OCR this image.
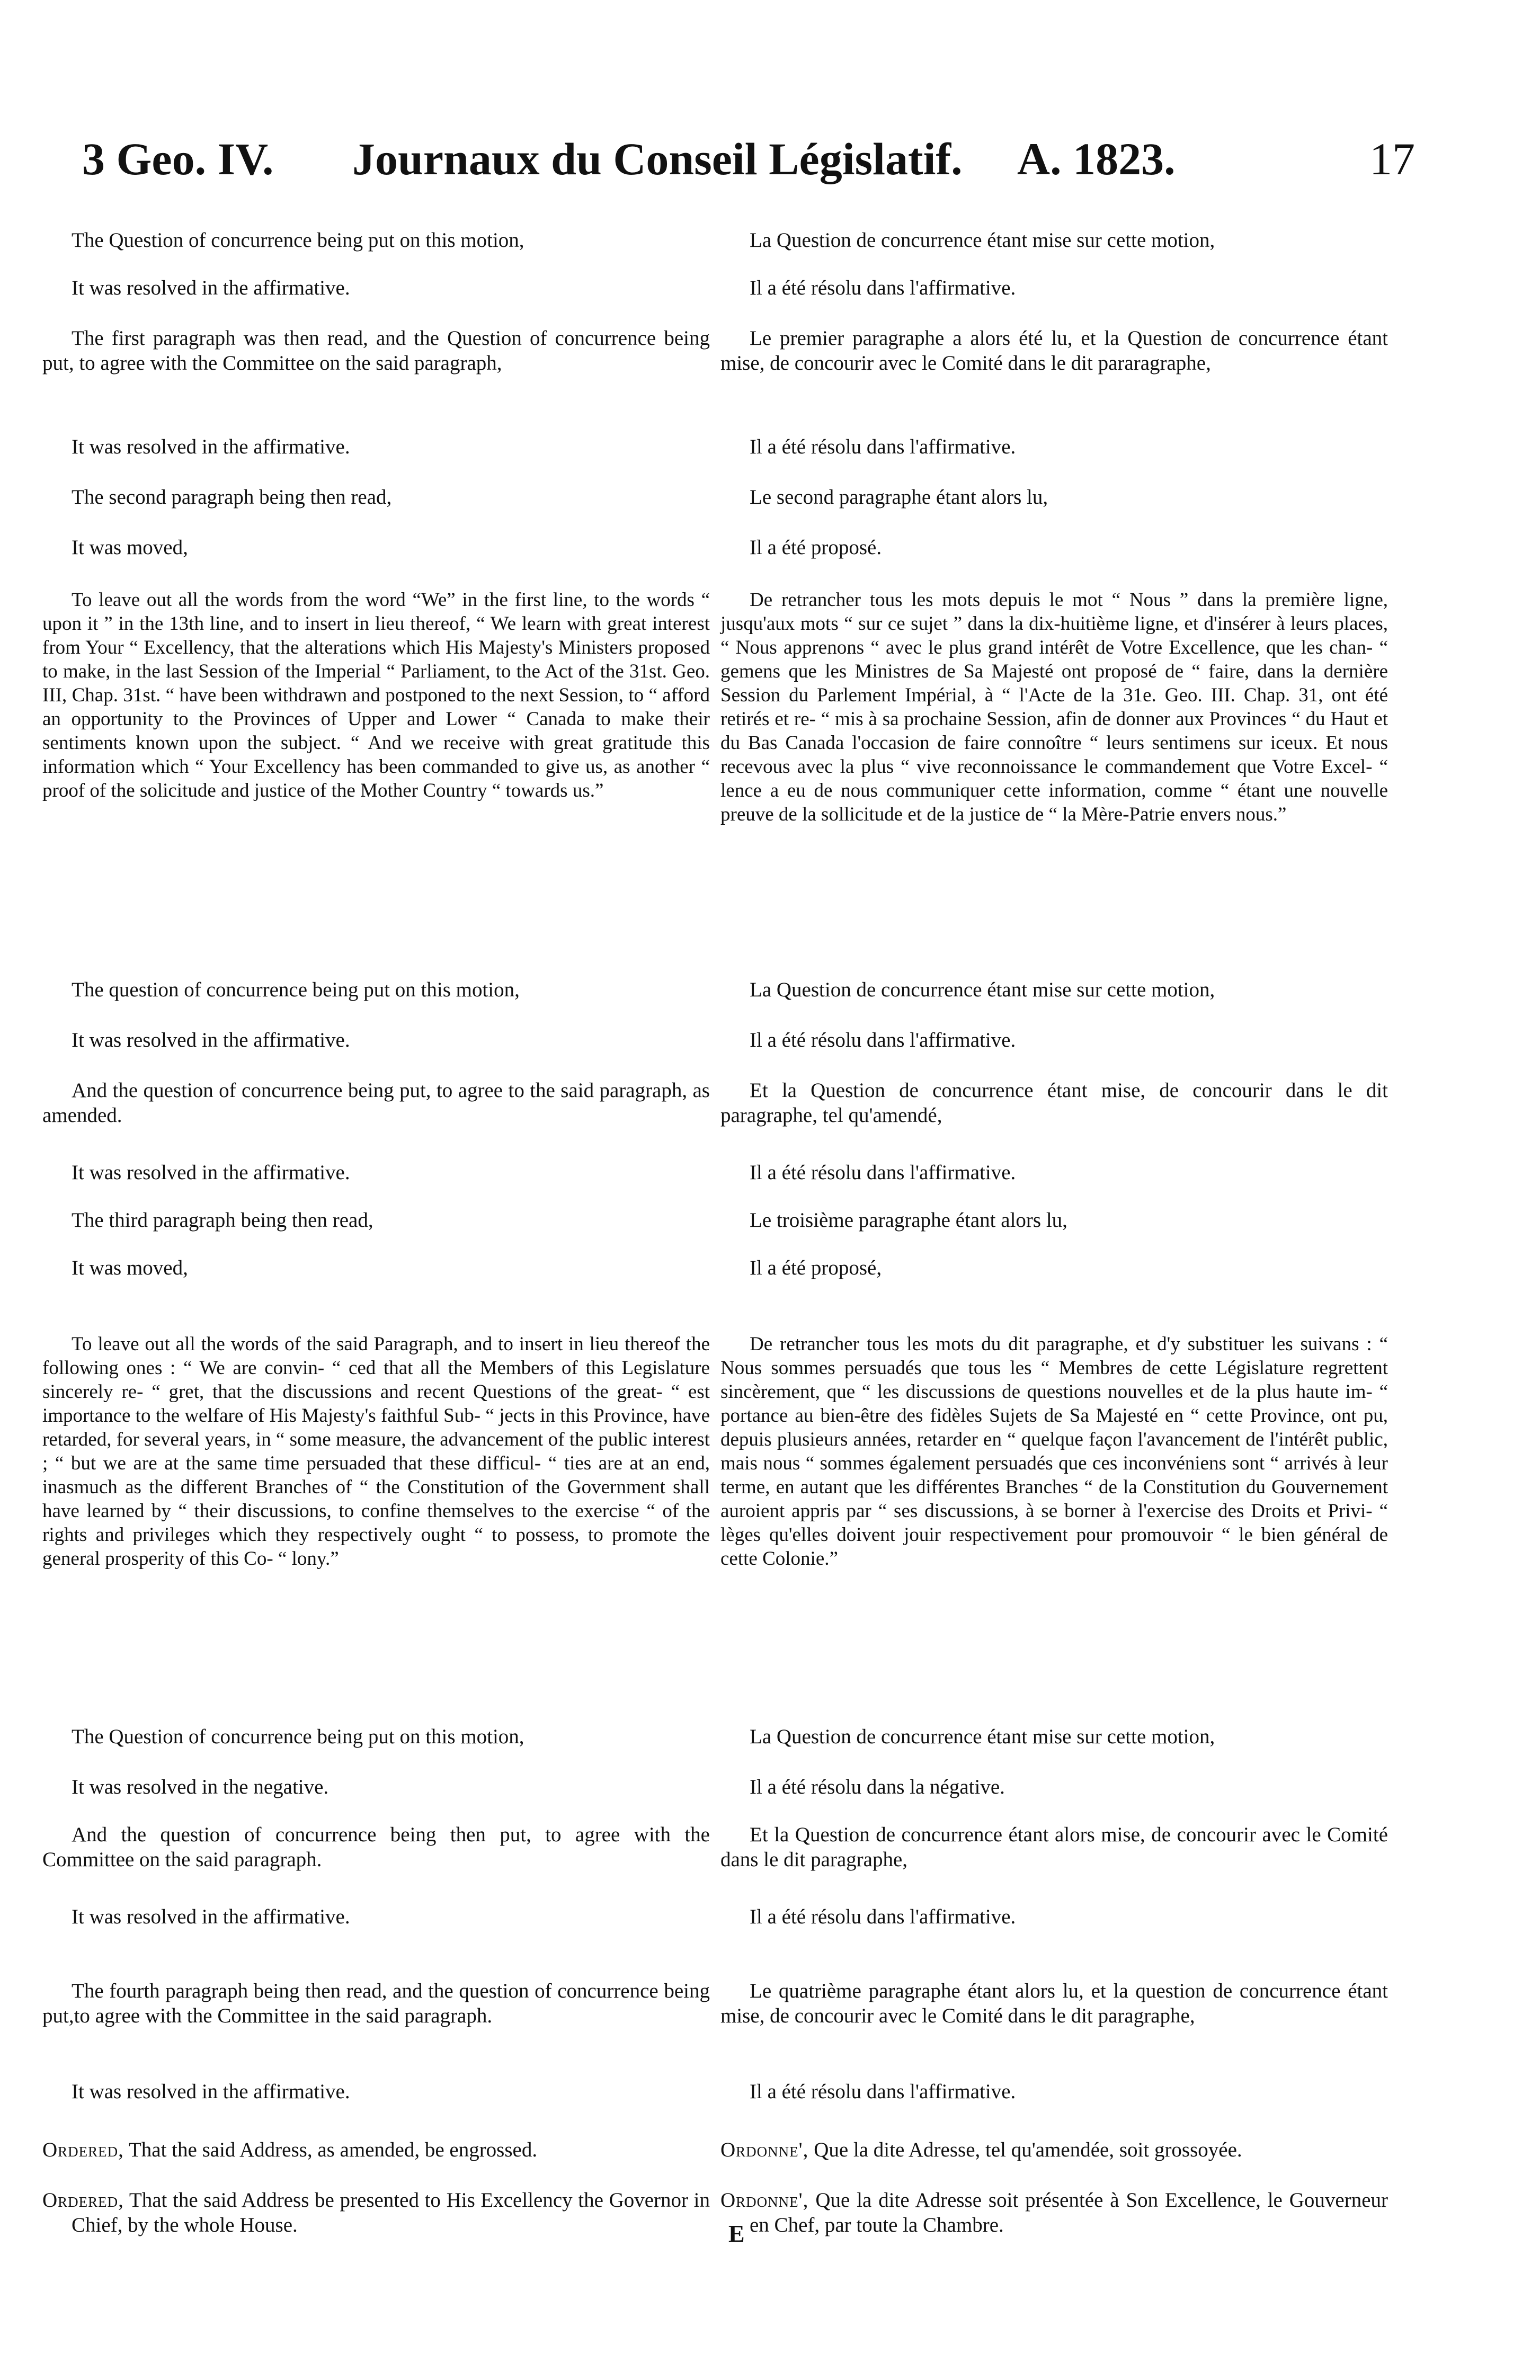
3 Geo. IV. Journaux du Conseil Législatif. A. 1823.	17
The Question of concurrence being put on this motion,
It was resolved in the affirmative.
The first paragraph was then read, and the Question of concurrence being put, to agree with the Committee on the said paragraph,
It was resolved in the affirmative.
The second paragraph being then read,
It was moved,
To leave out all the words from the word “We” in the first line, to the words “ upon it ” in the 13th line, and to insert in lieu thereof, “ We learn with great interest from Your “ Excellency, that the alterations which His Majesty's Ministers proposed to make, in the last Session of the Imperial “ Parliament, to the Act of the 31st. Geo. III, Chap. 31st. “ have been withdrawn and postponed to the next Session, to “ afford an opportunity to the Provinces of Upper and Lower “ Canada to make their sentiments known upon the subject. “ And we receive with great gratitude this information which “ Your Excellency has been commanded to give us, as another “ proof of the solicitude and justice of the Mother Country “ towards us.”
The question of concurrence being put on this motion,
It was resolved in the affirmative.
And the question of concurrence being put, to agree to the said paragraph, as amended.
It was resolved in the affirmative.
The third paragraph being then read,
It was moved,
To leave out all the words of the said Paragraph, and to insert in lieu thereof the following ones : “ We are convin- “ ced that all the Members of this Legislature sincerely re- “ gret, that the discussions and recent Questions of the great- “ est importance to the welfare of His Majesty's faithful Sub- “ jects in this Province, have retarded, for several years, in “ some measure, the advancement of the public interest ; “ but we are at the same time persuaded that these difficul- “ ties are at an end, inasmuch as the different Branches of “ the Constitution of the Government shall have learned by “ their discussions, to confine themselves to the exercise “ of the rights and privileges which they respectively ought “ to possess, to promote the general prosperity of this Co- “ lony.”
The Question of concurrence being put on this motion,
It was resolved in the negative.
And the question of concurrence being then put, to agree with the Committee on the said paragraph.
It was resolved in the affirmative.
The fourth paragraph being then read, and the question of concurrence being put,to agree with the Committee in the said paragraph.
It was resolved in the affirmative.
Ordered, That the said Address, as amended, be engrossed.
Ordered, That the said Address be presented to His Excellency the Governor in Chief, by the whole House.
La Question de concurrence étant mise sur cette motion,
Il a été résolu dans l'affirmative.
Le premier paragraphe a alors été lu, et la Question de concurrence étant mise, de concourir avec le Comité dans le dit pararagraphe,
Il a été résolu dans l'affirmative.
Le second paragraphe étant alors lu,
Il a été proposé.
De retrancher tous les mots depuis le mot “ Nous ” dans la première ligne, jusqu'aux mots “ sur ce sujet ” dans la dix-huitième ligne, et d'insérer à leurs places, “ Nous apprenons “ avec le plus grand intérêt de Votre Excellence, que les chan- “ gemens que les Ministres de Sa Majesté ont proposé de “ faire, dans la dernière Session du Parlement Impérial, à “ l'Acte de la 31e. Geo. III. Chap. 31, ont été retirés et re- “ mis à sa prochaine Session, afin de donner aux Provinces “ du Haut et du Bas Canada l'occasion de faire connoître “ leurs sentimens sur iceux. Et nous recevous avec la plus “ vive reconnoissance le commandement que Votre Excel- “ lence a eu de nous communiquer cette information, comme “ étant une nouvelle preuve de la sollicitude et de la justice de “ la Mère-Patrie envers nous.”
La Question de concurrence étant mise sur cette motion,
Il a été résolu dans l'affirmative.
Et la Question de concurrence étant mise, de concourir dans le dit paragraphe, tel qu'amendé,
Il a été résolu dans l'affirmative.
Le troisième paragraphe étant alors lu,
Il a été proposé,
De retrancher tous les mots du dit paragraphe, et d'y substituer les suivans : “ Nous sommes persuadés que tous les “ Membres de cette Législature regrettent sincèrement, que “ les discussions de questions nouvelles et de la plus haute im- “ portance au bien-être des fidèles Sujets de Sa Majesté en “ cette Province, ont pu, depuis plusieurs années, retarder en “ quelque façon l'avancement de l'intérêt public, mais nous “ sommes également persuadés que ces inconvéniens sont “ arrivés à leur terme, en autant que les différentes Branches “ de la Constitution du Gouvernement auroient appris par “ ses discussions, à se borner à l'exercise des Droits et Privi- “ lèges qu'elles doivent jouir respectivement pour promouvoir “ le bien général de cette Colonie.”
La Question de concurrence étant mise sur cette motion,
Il a été résolu dans la négative.
Et la Question de concurrence étant alors mise, de concourir avec le Comité dans le dit paragraphe,
Il a été résolu dans l'affirmative.
Le quatrième paragraphe étant alors lu, et la question de concurrence étant mise, de concourir avec le Comité dans le dit paragraphe,
Il a été résolu dans l'affirmative.
Ordonne', Que la dite Adresse, tel qu'amendée, soit grossoyée.
Ordonne', Que la dite Adresse soit présentée à Son Excellence, le Gouverneur en Chef, par toute la Chambre.
E
